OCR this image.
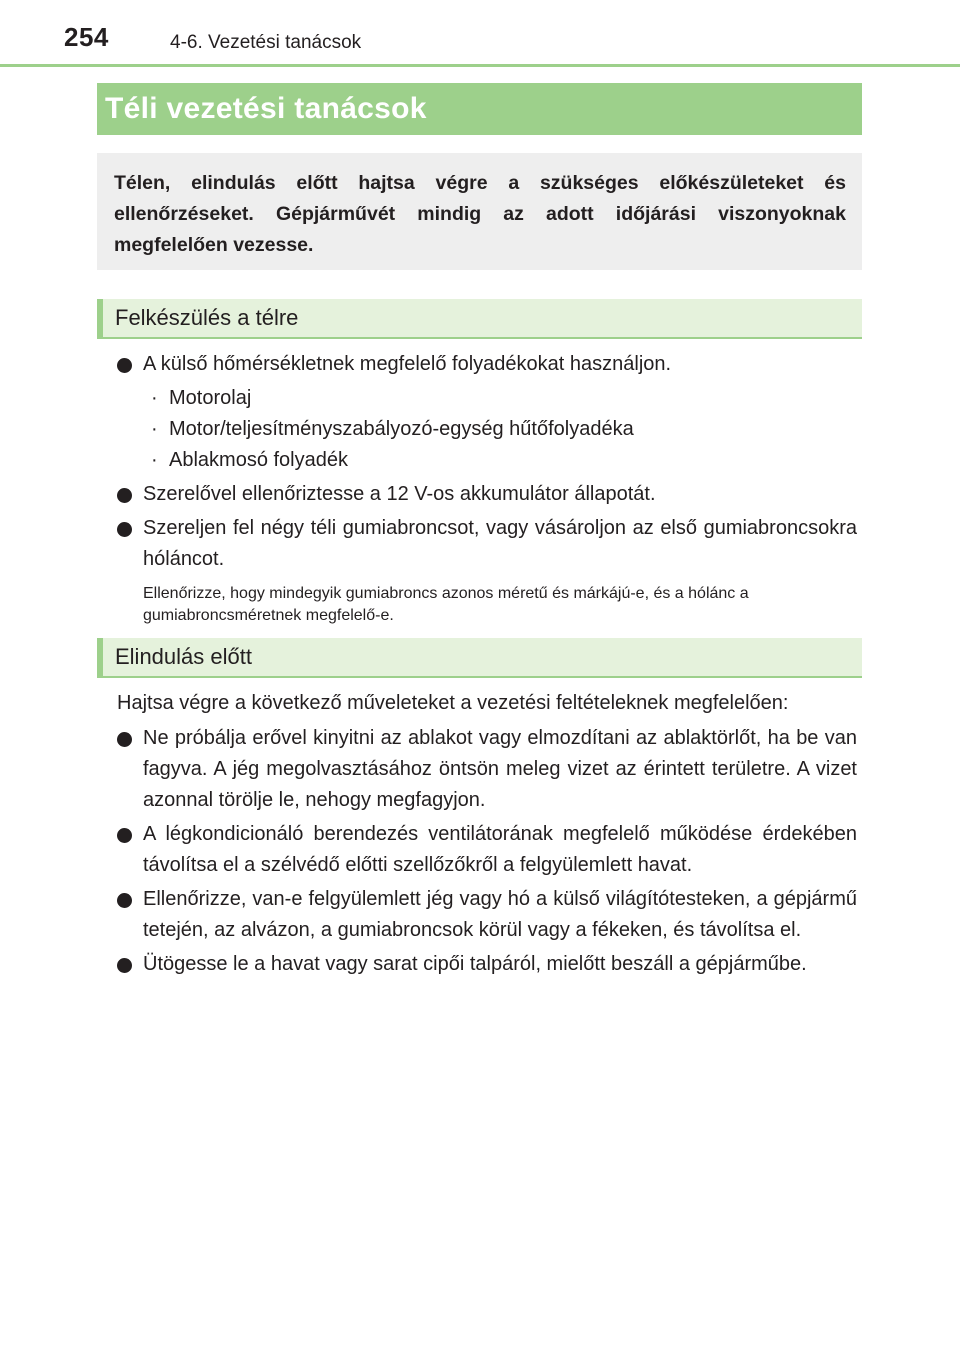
254	4-6. Vezetési tanácsok
Téli vezetési tanácsok
Télen, elindulás előtt hajtsa végre a szükséges előkészületeket és ellenőrzéseket. Gépjárművét mindig az adott időjárási viszonyoknak megfelelően vezesse.
Felkészülés a télre
A külső hőmérsékletnek megfelelő folyadékokat használjon.
· Motorolaj
· Motor/teljesítményszabályozó-egység hűtőfolyadéka
· Ablakmosó folyadék
Szerelővel ellenőriztesse a 12 V-os akkumulátor állapotát.
Szereljen fel négy téli gumiabroncsot, vagy vásároljon az első gumiabroncsokra hóláncot.
Ellenőrizze, hogy mindegyik gumiabroncs azonos méretű és márkájú-e, és a hólánc a gumiabroncsméretnek megfelelő-e.
Elindulás előtt
Hajtsa végre a következő műveleteket a vezetési feltételeknek megfelelően:
Ne próbálja erővel kinyitni az ablakot vagy elmozdítani az ablaktörlőt, ha be van fagyva. A jég megolvasztásához öntsön meleg vizet az érintett területre. A vizet azonnal törölje le, nehogy megfagyjon.
A légkondicionáló berendezés ventilátorának megfelelő működése érdekében távolítsa el a szélvédő előtti szellőzőkről a felgyülemlett havat.
Ellenőrizze, van-e felgyülemlett jég vagy hó a külső világítótesteken, a gépjármű tetején, az alvázon, a gumiabroncsok körül vagy a fékeken, és távolítsa el.
Ütögesse le a havat vagy sarat cipői talpáról, mielőtt beszáll a gépjárműbe.
